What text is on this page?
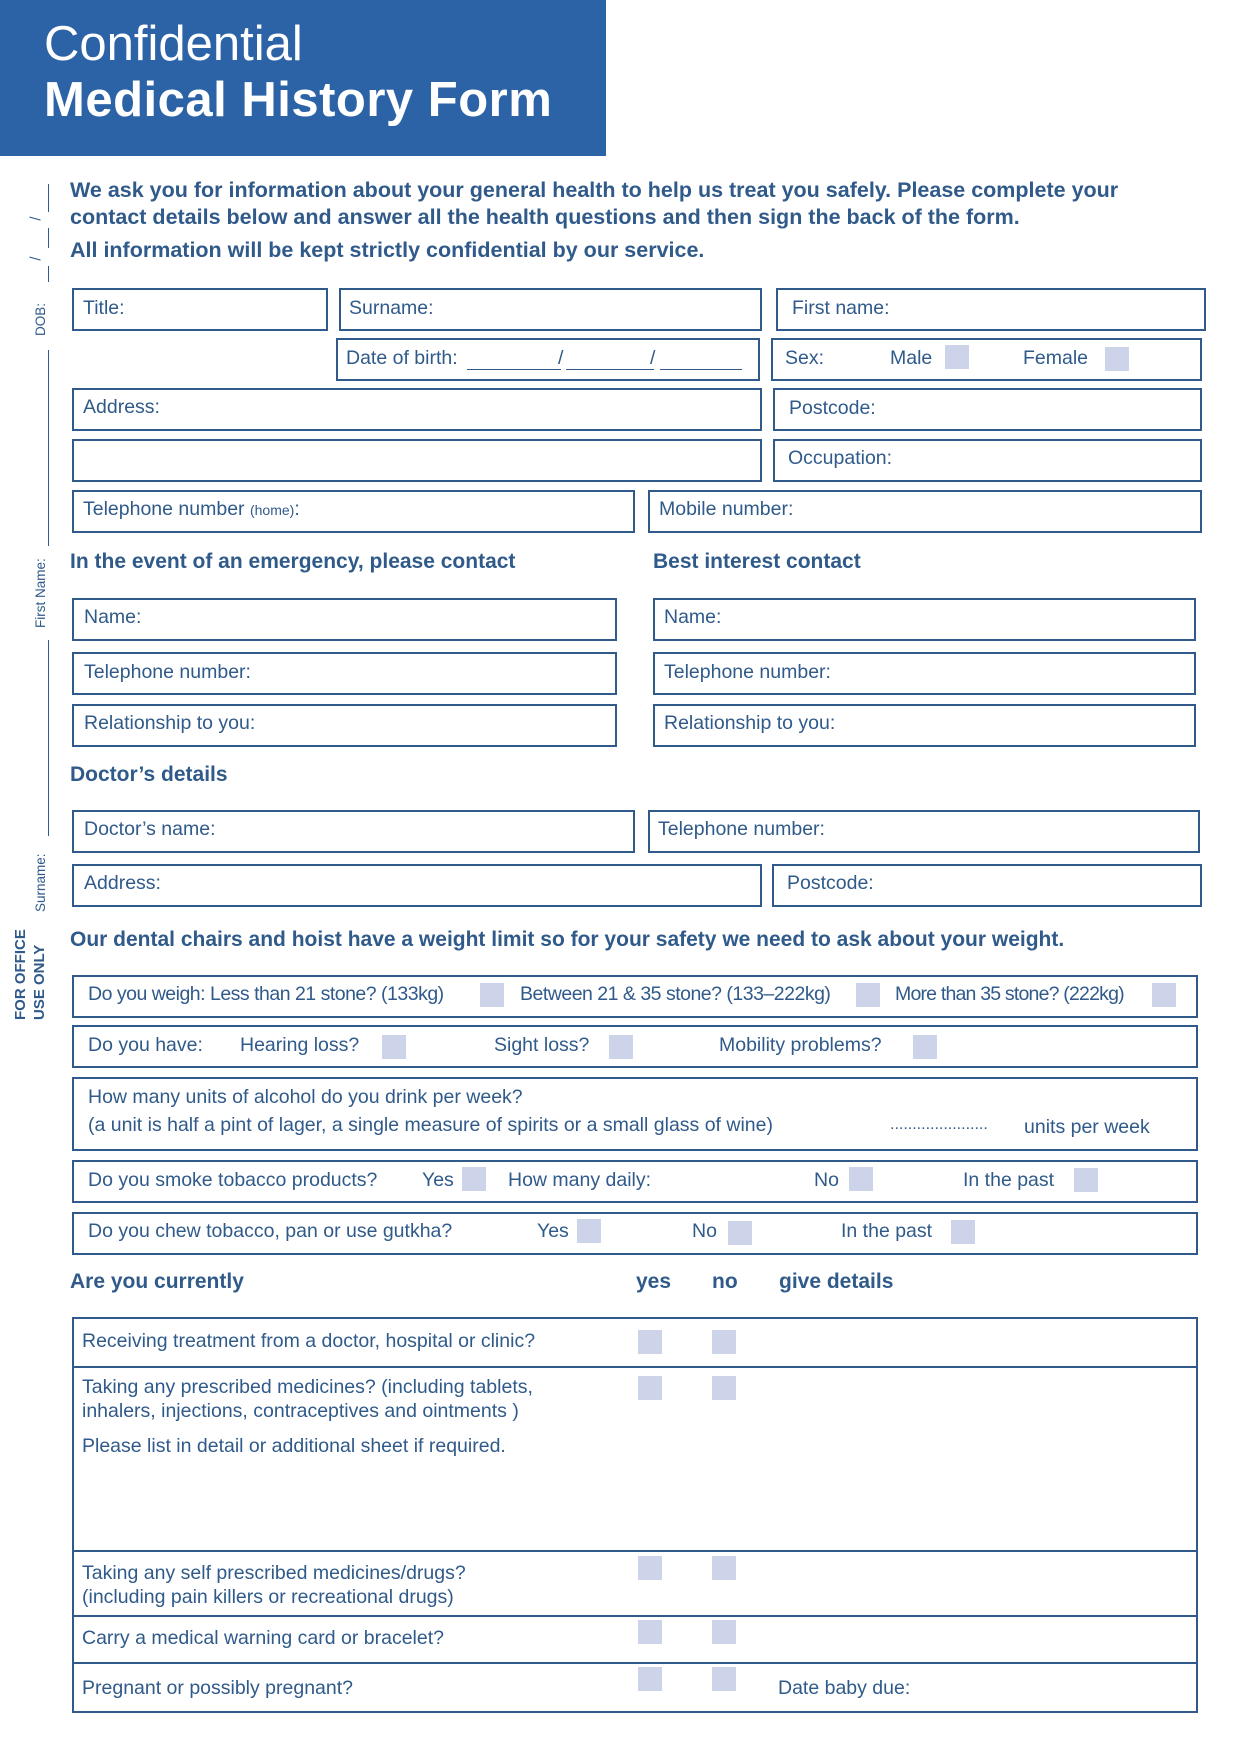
Confidential
Medical History Form
/
/
DOB:
First Name:
Surname:
FOR OFFICE USE ONLY
We ask you for information about your general health to help us treat you safely. Please complete your
contact details below and answer all the health questions and then sign the back of the form.
All information will be kept strictly confidential by our service.
Title:	Surname:	First name:
Date of birth:	/	/	Sex:	Male	Female
Address:	Postcode:
Occupation:
Telephone number (home):	Mobile number:
In the event of an emergency, please contact	Best interest contact
Name:	Name:
Telephone number:	Telephone number:
Relationship to you:	Relationship to you:
Doctor’s details
Doctor’s name:	Telephone number:
Address:	Postcode:
Our dental chairs and hoist have a weight limit so for your safety we need to ask about your weight.
Do you weigh: Less than 21 stone? (133kg)	Between 21 & 35 stone? (133–222kg)	More than 35 stone? (222kg)
Do you have: Hearing loss?	Sight loss?	Mobility problems?
How many units of alcohol do you drink per week?
(a unit is half a pint of lager, a single measure of spirits or a small glass of wine)	...................... units per week
Do you smoke tobacco products? Yes	How many daily:	No	In the past
Do you chew tobacco, pan or use gutkha?	Yes	No	In the past
Are you currently	yes no give details
Receiving treatment from a doctor, hospital or clinic?
Taking any prescribed medicines? (including tablets,
inhalers, injections, contraceptives and ointments )
Please list in detail or additional sheet if required.
Taking any self prescribed medicines/drugs?
(including pain killers or recreational drugs)
Carry a medical warning card or bracelet?
Pregnant or possibly pregnant?	Date baby due:
